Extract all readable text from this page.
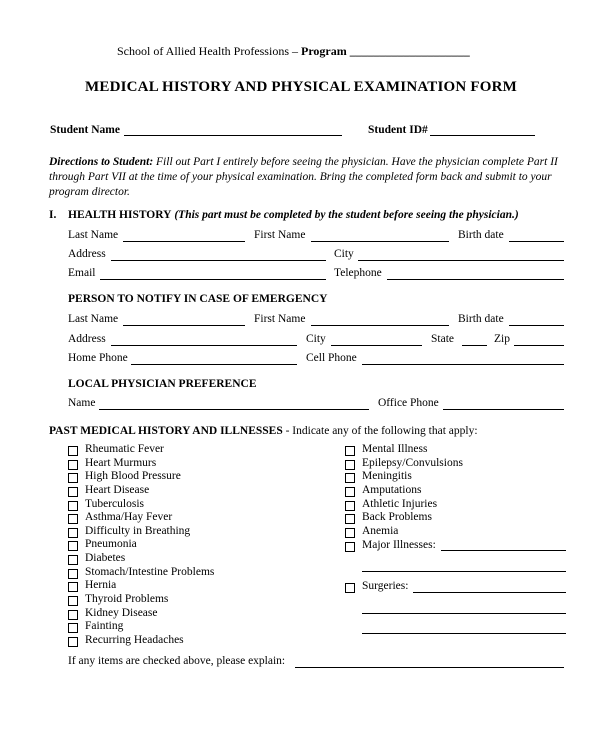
School of Allied Health Professions – Program ____________________
MEDICAL HISTORY AND PHYSICAL EXAMINATION FORM
Student Name	Student ID#
Directions to Student: Fill out Part I entirely before seeing the physician. Have the physician complete Part II through Part VII at the time of your physical examination. Bring the completed form back and submit to your program director.
I. HEALTH HISTORY (This part must be completed by the student before seeing the physician.)
Last Name	First Name	Birth date
Address	City
Email	Telephone
PERSON TO NOTIFY IN CASE OF EMERGENCY
Last Name	First Name	Birth date
Address	City	State	Zip
Home Phone	Cell Phone
LOCAL PHYSICIAN PREFERENCE
Name	Office Phone
PAST MEDICAL HISTORY AND ILLNESSES - Indicate any of the following that apply:
Rheumatic Fever
Heart Murmurs
High Blood Pressure
Heart Disease
Tuberculosis
Asthma/Hay Fever
Difficulty in Breathing
Pneumonia
Diabetes
Stomach/Intestine Problems
Hernia
Thyroid Problems
Kidney Disease
Fainting
Recurring Headaches
Mental Illness
Epilepsy/Convulsions
Meningitis
Amputations
Athletic Injuries
Back Problems
Anemia
Major Illnesses:
Surgeries:
If any items are checked above, please explain:
